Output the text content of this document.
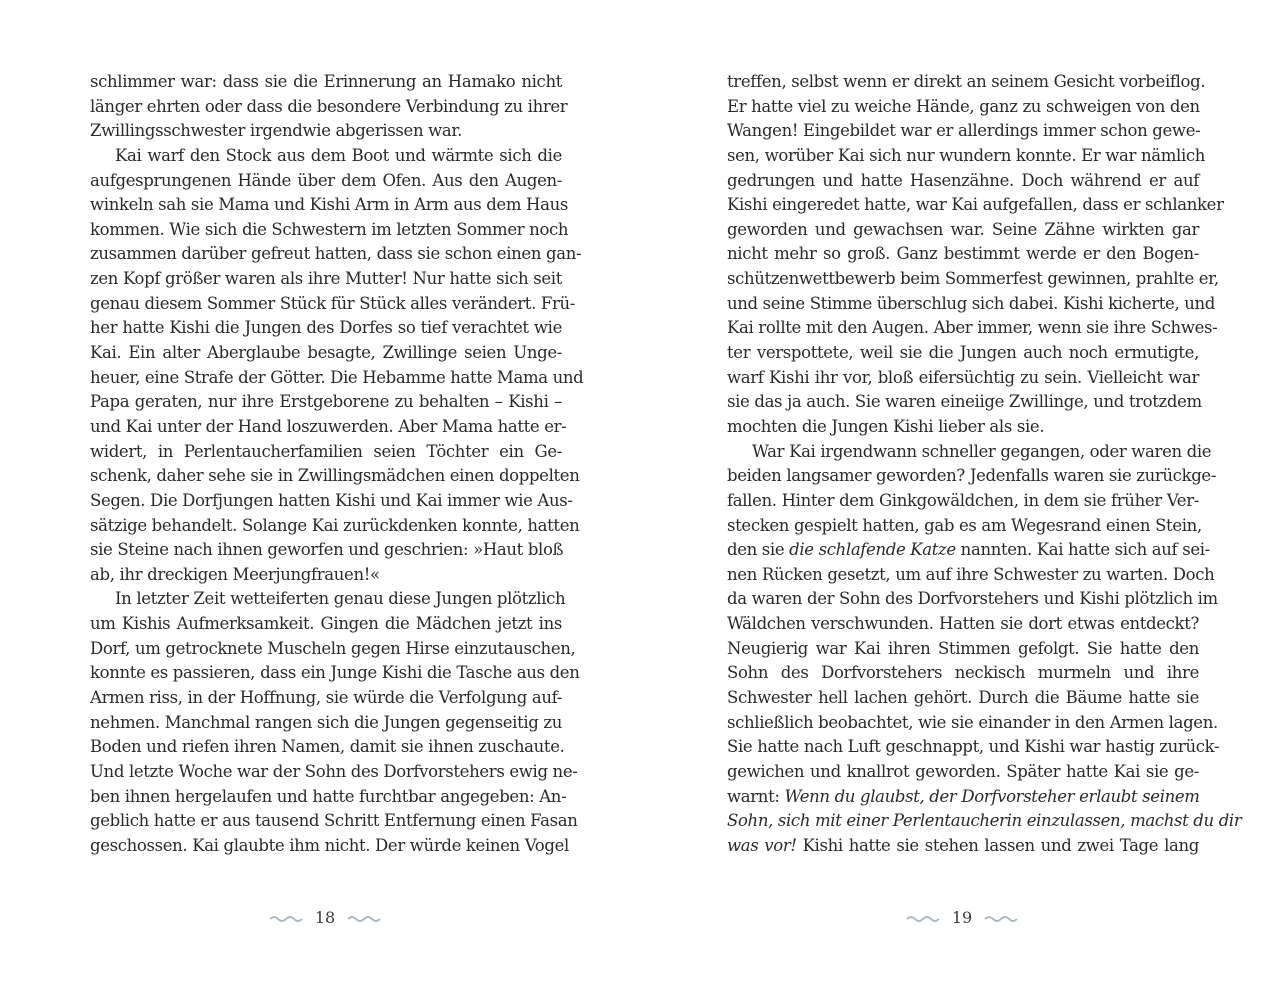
schlimmer war: dass sie die Erinnerung an Hamako nicht
länger ehrten oder dass die besondere Verbindung zu ihrer
Zwillingsschwester irgendwie abgerissen war.
Kai warf den Stock aus dem Boot und wärmte sich die
aufgesprungenen Hände über dem Ofen. Aus den Augen-
winkeln sah sie Mama und Kishi Arm in Arm aus dem Haus
kommen. Wie sich die Schwestern im letzten Sommer noch
zusammen darüber gefreut hatten, dass sie schon einen gan-
zen Kopf größer waren als ihre Mutter! Nur hatte sich seit
genau diesem Sommer Stück für Stück alles verändert. Frü-
her hatte Kishi die Jungen des Dorfes so tief verachtet wie
Kai. Ein alter Aberglaube besagte, Zwillinge seien Unge-
heuer, eine Strafe der Götter. Die Hebamme hatte Mama und
Papa geraten, nur ihre Erstgeborene zu behalten – Kishi –
und Kai unter der Hand loszuwerden. Aber Mama hatte er-
widert, in Perlentaucherfamilien seien Töchter ein Ge-
schenk, daher sehe sie in Zwillingsmädchen einen doppelten
Segen. Die Dorfjungen hatten Kishi und Kai immer wie Aus-
sätzige behandelt. Solange Kai zurückdenken konnte, hatten
sie Steine nach ihnen geworfen und geschrien: »Haut bloß
ab, ihr dreckigen Meerjungfrauen!«
In letzter Zeit wetteiferten genau diese Jungen plötzlich
um Kishis Aufmerksamkeit. Gingen die Mädchen jetzt ins
Dorf, um getrocknete Muscheln gegen Hirse einzutauschen,
konnte es passieren, dass ein Junge Kishi die Tasche aus den
Armen riss, in der Hoffnung, sie würde die Verfolgung auf-
nehmen. Manchmal rangen sich die Jungen gegenseitig zu
Boden und riefen ihren Namen, damit sie ihnen zuschaute.
Und letzte Woche war der Sohn des Dorfvorstehers ewig ne-
ben ihnen hergelaufen und hatte furchtbar angegeben: An-
geblich hatte er aus tausend Schritt Entfernung einen Fasan
geschossen. Kai glaubte ihm nicht. Der würde keinen Vogel
treffen, selbst wenn er direkt an seinem Gesicht vorbeiflog.
Er hatte viel zu weiche Hände, ganz zu schweigen von den
Wangen! Eingebildet war er allerdings immer schon gewe-
sen, worüber Kai sich nur wundern konnte. Er war nämlich
gedrungen und hatte Hasenzähne. Doch während er auf
Kishi eingeredet hatte, war Kai aufgefallen, dass er schlanker
geworden und gewachsen war. Seine Zähne wirkten gar
nicht mehr so groß. Ganz bestimmt werde er den Bogen-
schützenwettbewerb beim Sommerfest gewinnen, prahlte er,
und seine Stimme überschlug sich dabei. Kishi kicherte, und
Kai rollte mit den Augen. Aber immer, wenn sie ihre Schwes-
ter verspottete, weil sie die Jungen auch noch ermutigte,
warf Kishi ihr vor, bloß eifersüchtig zu sein. Vielleicht war
sie das ja auch. Sie waren eineiige Zwillinge, und trotzdem
mochten die Jungen Kishi lieber als sie.
War Kai irgendwann schneller gegangen, oder waren die
beiden langsamer geworden? Jedenfalls waren sie zurückge-
fallen. Hinter dem Ginkgowäldchen, in dem sie früher Ver-
stecken gespielt hatten, gab es am Wegesrand einen Stein,
den sie die schlafende Katze nannten. Kai hatte sich auf sei-
nen Rücken gesetzt, um auf ihre Schwester zu warten. Doch
da waren der Sohn des Dorfvorstehers und Kishi plötzlich im
Wäldchen verschwunden. Hatten sie dort etwas entdeckt?
Neugierig war Kai ihren Stimmen gefolgt. Sie hatte den
Sohn des Dorfvorstehers neckisch murmeln und ihre
Schwester hell lachen gehört. Durch die Bäume hatte sie
schließlich beobachtet, wie sie einander in den Armen lagen.
Sie hatte nach Luft geschnappt, und Kishi war hastig zurück-
gewichen und knallrot geworden. Später hatte Kai sie ge-
warnt: Wenn du glaubst, der Dorfvorsteher erlaubt seinem
Sohn, sich mit einer Perlentaucherin einzulassen, machst du dir
was vor! Kishi hatte sie stehen lassen und zwei Tage lang
18	19
